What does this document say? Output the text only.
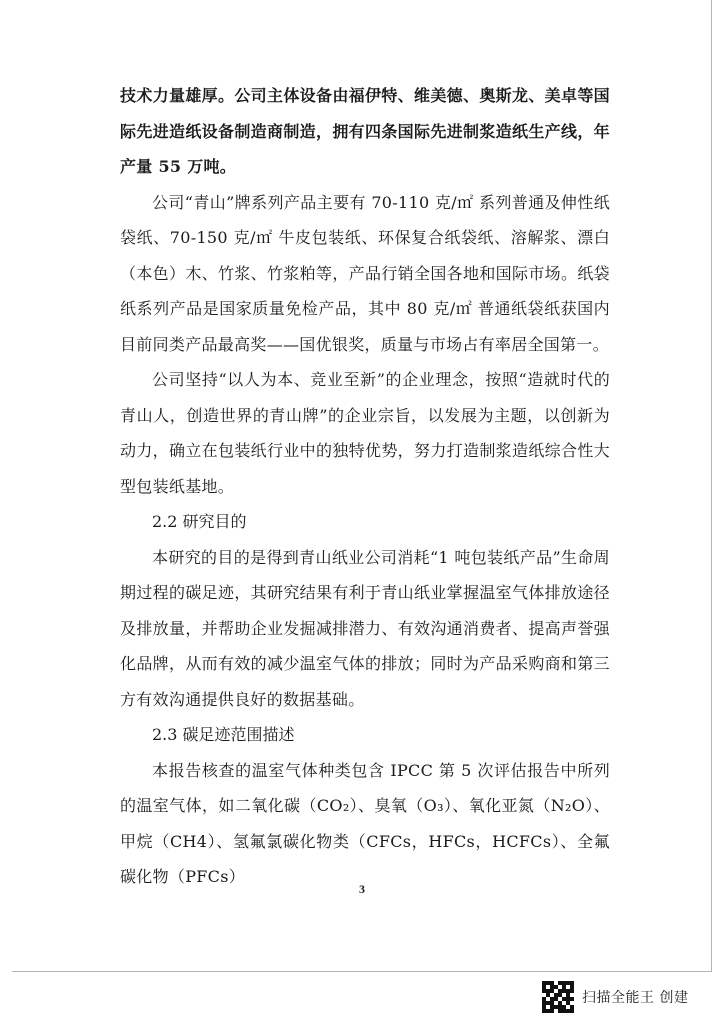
技术力量雄厚。公司主体设备由福伊特、维美德、奥斯龙、美卓等国际先进造纸设备制造商制造，拥有四条国际先进制浆造纸生产线，年产量 55 万吨。

公司“青山”牌系列产品主要有 70-110 克/㎡ 系列普通及伸性纸袋纸、70-150 克/㎡ 牛皮包装纸、环保复合纸袋纸、溶解浆、漂白（本色）木、竹浆、竹浆粕等，产品行销全国各地和国际市场。纸袋纸系列产品是国家质量免检产品，其中 80 克/㎡ 普通纸袋纸获国内目前同类产品最高奖——国优银奖，质量与市场占有率居全国第一。

公司坚持“以人为本、竞业至新”的企业理念，按照“造就时代的青山人，创造世界的青山牌”的企业宗旨，以发展为主题，以创新为动力，确立在包装纸行业中的独特优势，努力打造制浆造纸综合性大型包装纸基地。

2.2 研究目的

本研究的目的是得到青山纸业公司消耗“1 吨包装纸产品”生命周期过程的碳足迹，其研究结果有利于青山纸业掌握温室气体排放途径及排放量，并帮助企业发掘减排潜力、有效沟通消费者、提高声誉强化品牌，从而有效的减少温室气体的排放；同时为产品采购商和第三方有效沟通提供良好的数据基础。

2.3 碳足迹范围描述

本报告核查的温室气体种类包含 IPCC 第 5 次评估报告中所列的温室气体，如二氧化碳（CO₂）、臭氧（O₃）、氧化亚氮（N₂O）、甲烷（CH4）、氢氟氯碳化物类（CFCs，HFCs，HCFCs）、全氟碳化物（PFCs）

3
扫描全能王 创建
